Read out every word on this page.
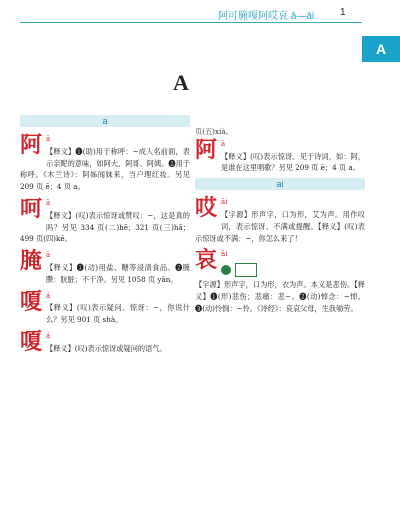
阿可腌嘎阿哎哀 ā—āi	1
A
A
a
阿 ā
【释义】❶(助)用于称呼：~成人名前面，表示亲昵的意味，如阿大、阿哥、阿姨。❷用于称呼。《木兰诗》：阿姊闻妹来，当户理红妆。另见 209 页 ē；4 页 a。
呵 ā
【释义】(叹)表示惊讶或赞叹：~，这是真的吗？另见 334 页(二)hē；321 页(三)hā；499 页(四)kē。
腌 ā
【释义】❶(动)用盐、糖等浸渍食品。❷腌臜：肮脏；不干净。另见 1058 页 yān。
嗄 á
【释义】(叹)表示疑问、惊讶：~，你说什么？另见 901 页 shà。
嗄 á
【释义】(叹)表示惊讶或疑问的语气。
页(五)xià。
阿 ā
【释义】(叹)表示惊讶。见于诗词，如：阿，是谁在这里唱歌？另见 209 页 ē；4 页 a。
ai
哎 āi
【字源】形声字，口为形，艾为声。用作叹词，表示惊讶、不满或提醒。【释义】(叹)表示惊讶或不满：~，你怎么来了！
哀 āi
【字源】形声字，口为形，衣为声。本义是悲伤。【释义】❶(形)悲伤；悲痛：悲~。❷(动)悼念：~悼。❸(动)怜悯：~怜。《诗经》：哀哀父母，生我劬劳。
